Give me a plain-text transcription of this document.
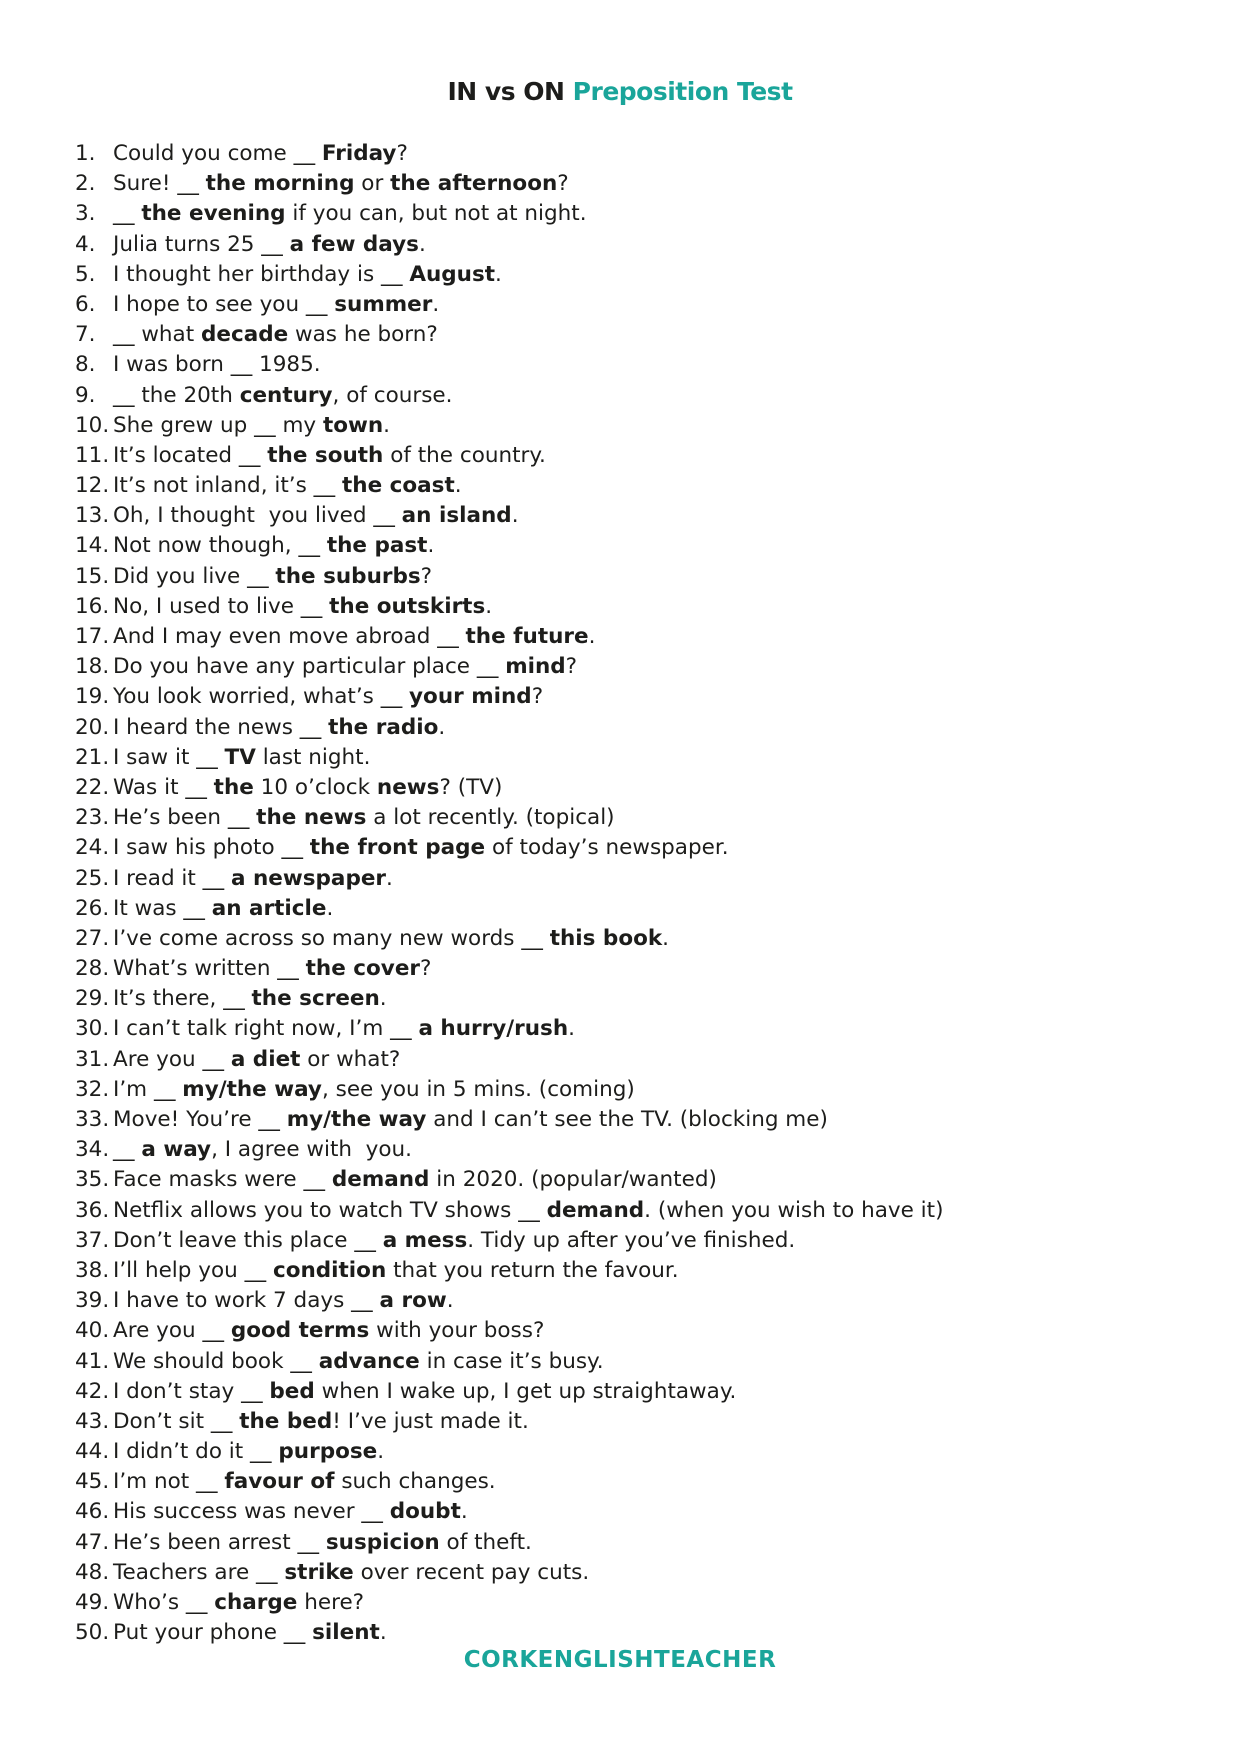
IN vs ON Preposition Test
1. Could you come __ Friday?
2. Sure! __ the morning or the afternoon?
3. __ the evening if you can, but not at night.
4. Julia turns 25 __ a few days.
5. I thought her birthday is __ August.
6. I hope to see you __ summer.
7. __ what decade was he born?
8. I was born __ 1985.
9. __ the 20th century, of course.
10. She grew up __ my town.
11. It’s located __ the south of the country.
12. It’s not inland, it’s __ the coast.
13. Oh, I thought  you lived __ an island.
14. Not now though, __ the past.
15. Did you live __ the suburbs?
16. No, I used to live __ the outskirts.
17. And I may even move abroad __ the future.
18. Do you have any particular place __ mind?
19. You look worried, what’s __ your mind?
20. I heard the news __ the radio.
21. I saw it __ TV last night.
22. Was it __ the 10 o’clock news? (TV)
23. He’s been __ the news a lot recently. (topical)
24. I saw his photo __ the front page of today’s newspaper.
25. I read it __ a newspaper.
26. It was __ an article.
27. I’ve come across so many new words __ this book.
28. What’s written __ the cover?
29. It’s there, __ the screen.
30. I can’t talk right now, I’m __ a hurry/rush.
31. Are you __ a diet or what?
32. I’m __ my/the way, see you in 5 mins. (coming)
33. Move! You’re __ my/the way and I can’t see the TV. (blocking me)
34. __ a way, I agree with  you.
35. Face masks were __ demand in 2020. (popular/wanted)
36. Netflix allows you to watch TV shows __ demand. (when you wish to have it)
37. Don’t leave this place __ a mess. Tidy up after you’ve finished.
38. I’ll help you __ condition that you return the favour.
39. I have to work 7 days __ a row.
40. Are you __ good terms with your boss?
41. We should book __ advance in case it’s busy.
42. I don’t stay __ bed when I wake up, I get up straightaway.
43. Don’t sit __ the bed! I’ve just made it.
44. I didn’t do it __ purpose.
45. I’m not __ favour of such changes.
46. His success was never __ doubt.
47. He’s been arrest __ suspicion of theft.
48. Teachers are __ strike over recent pay cuts.
49. Who’s __ charge here?
50. Put your phone __ silent.
CORKENGLISHTEACHER
